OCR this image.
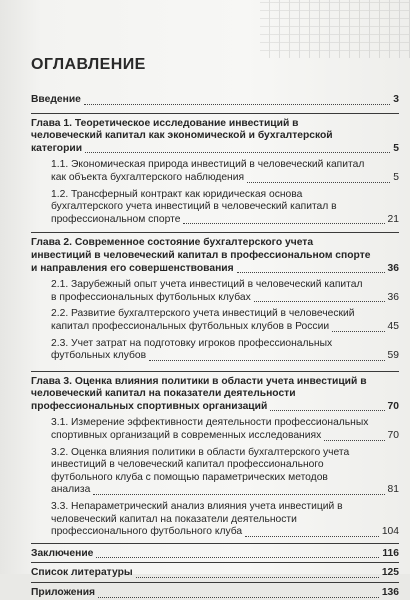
ОГЛАВЛЕНИЕ
Введение	3
Глава 1. Теоретическое исследование инвестиций в человеческий капитал как экономической и бухгалтерской категории	5
1.1. Экономическая природа инвестиций в человеческий капитал как объекта бухгалтерского наблюдения	5
1.2. Трансферный контракт как юридическая основа бухгалтерского учета инвестиций в человеческий капитал в профессиональном спорте	21
Глава 2. Современное состояние бухгалтерского учета инвестиций в человеческий капитал в профессиональном спорте и направления его совершенствования	36
2.1. Зарубежный опыт учета инвестиций в человеческий капитал в профессиональных футбольных клубах	36
2.2. Развитие бухгалтерского учета инвестиций в человеческий капитал профессиональных футбольных клубов в России	45
2.3. Учет затрат на подготовку игроков профессиональных футбольных клубов	59
Глава 3. Оценка влияния политики в области учета инвестиций в человеческий капитал на показатели деятельности профессиональных спортивных организаций	70
3.1. Измерение эффективности деятельности профессиональных спортивных организаций в современных исследованиях	70
3.2. Оценка влияния политики в области бухгалтерского учета инвестиций в человеческий капитал профессионального футбольного клуба с помощью параметрических методов анализа	81
3.3. Непараметрический анализ влияния учета инвестиций в человеческий капитал на показатели деятельности профессионального футбольного клуба	104
Заключение	116
Список литературы	125
Приложения	136
